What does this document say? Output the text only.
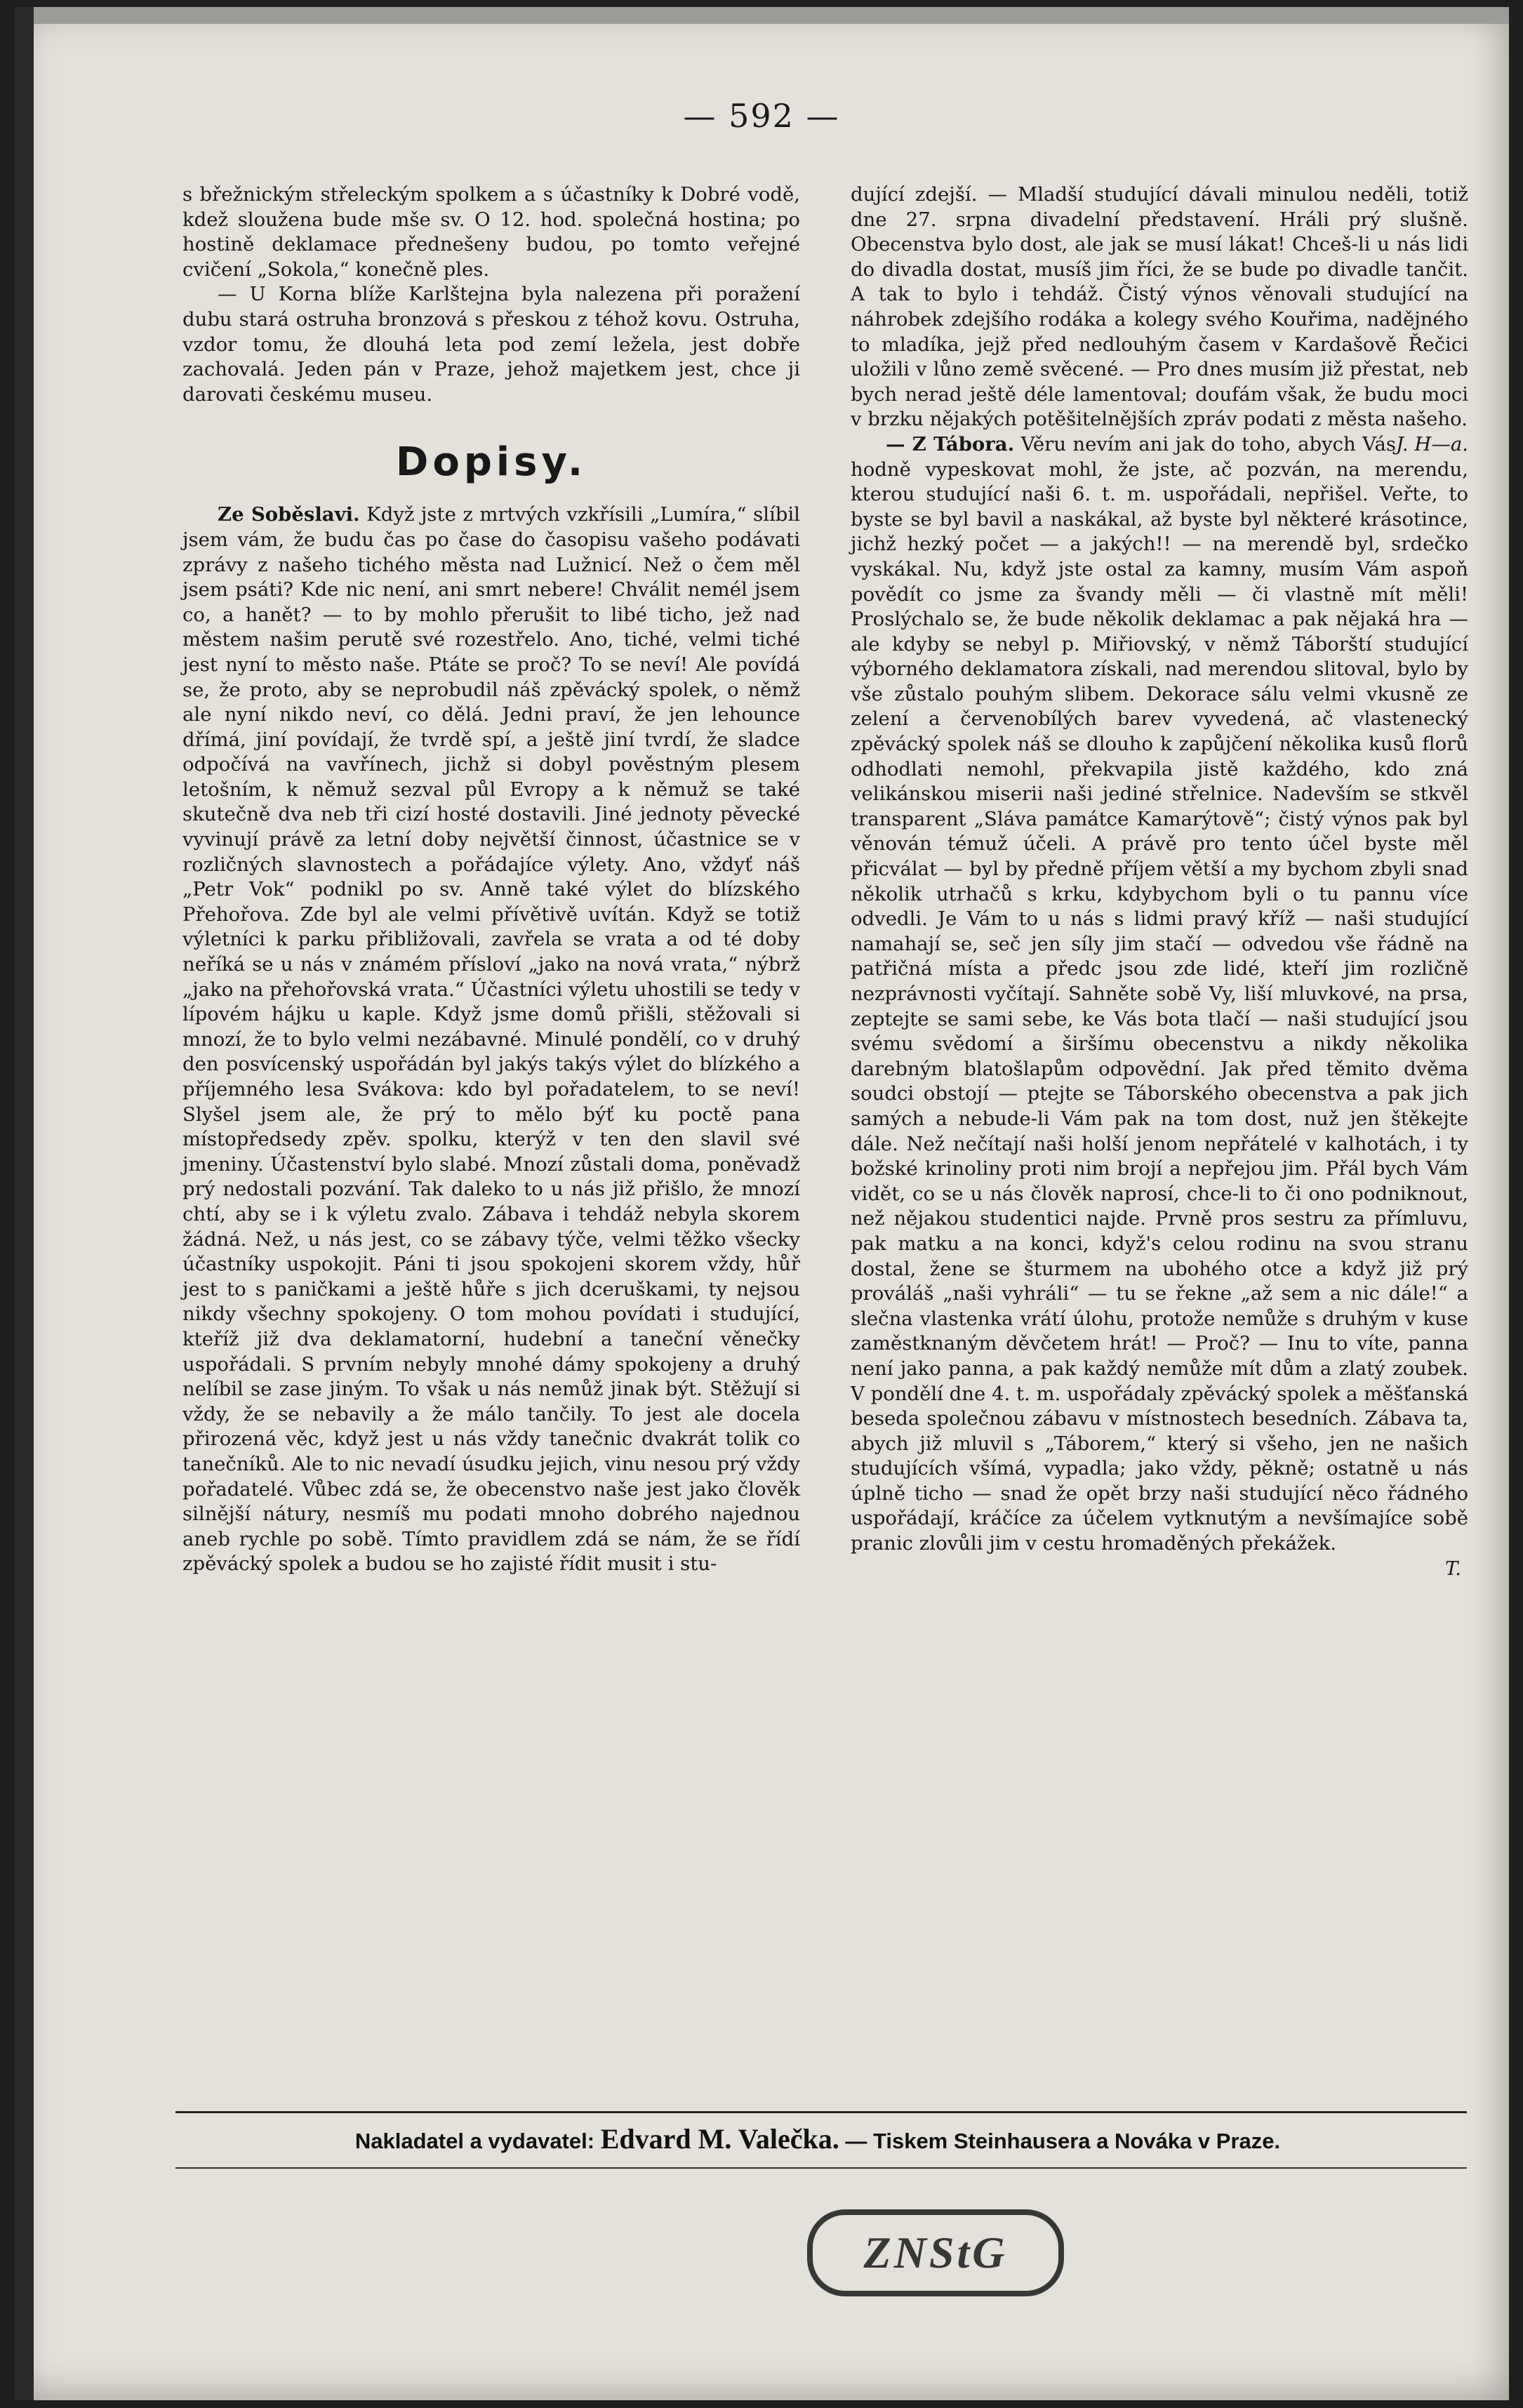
— 592 —

s břežnickým střeleckým spolkem a s účastníky k Dobré vodě, kdež sloužena bude mše sv. O 12. hod. společná hostina; po hostině deklamace přednešeny budou, po tomto veřejné cvičení „Sokola,“ konečně ples.

— U Korna blíže Karlštejna byla nalezena při poražení dubu stará ostruha bronzová s přeskou z téhož kovu. Ostruha, vzdor tomu, že dlouhá leta pod zemí ležela, jest dobře zachovalá. Jeden pán v Praze, jehož majetkem jest, chce ji darovati českému museu.

Dopisy.

Ze Soběslavi. Když jste z mrtvých vzkřísili „Lumíra,“ slíbil jsem vám, že budu čas po čase do časopisu vašeho podávati zprávy z našeho tichého města nad Lužnicí. Než o čem měl jsem psáti? Kde nic není, ani smrt nebere! Chválit nemél jsem co, a hanět? — to by mohlo přerušit to libé ticho, jež nad městem našim perutě své rozestřelo. Ano, tiché, velmi tiché jest nyní to město naše. Ptáte se proč? To se neví! Ale povídá se, že proto, aby se neprobudil náš zpěvácký spolek, o němž ale nyní nikdo neví, co dělá. Jedni praví, že jen lehounce dřímá, jiní povídají, že tvrdě spí, a ještě jiní tvrdí, že sladce odpočívá na vavřínech, jichž si dobyl pověstným plesem letošním, k němuž sezval půl Evropy a k němuž se také skutečně dva neb tři cizí hosté dostavili. Jiné jednoty pěvecké vyvinují právě za letní doby největší činnost, účastnice se v rozličných slavnostech a pořádajíce výlety. Ano, vždyť náš „Petr Vok“ podnikl po sv. Anně také výlet do blízského Přehořova. Zde byl ale velmi přívětivě uvítán. Když se totiž výletníci k parku přibližovali, zavřela se vrata a od té doby neříká se u nás v známém přísloví „jako na nová vrata,“ nýbrž „jako na přehořovská vrata.“ Účastníci výletu uhostili se tedy v lípovém hájku u kaple. Když jsme domů přišli, stěžovali si mnozí, že to bylo velmi nezábavné. Minulé pondělí, co v druhý den posvícenský uspořádán byl jakýs takýs výlet do blízkého a příjemného lesa Svákova: kdo byl pořadatelem, to se neví! Slyšel jsem ale, že prý to mělo býť ku poctě pana místopředsedy zpěv. spolku, kterýž v ten den slavil své jmeniny. Účastenství bylo slabé. Mnozí zůstali doma, poněvadž prý nedostali pozvání. Tak daleko to u nás již přišlo, že mnozí chtí, aby se i k výletu zvalo. Zábava i tehdáž nebyla skorem žádná. Než, u nás jest, co se zábavy týče, velmi těžko všecky účastníky uspokojit. Páni ti jsou spokojeni skorem vždy, hůř jest to s paničkami a ještě hůře s jich dceruškami, ty nejsou nikdy všechny spokojeny. O tom mohou povídati i studující, kteříž již dva deklamatorní, hudební a taneční věnečky uspořádali. S prvním nebyly mnohé dámy spokojeny a druhý nelíbil se zase jiným. To však u nás nemůž jinak být. Stěžují si vždy, že se nebavily a že málo tančily. To jest ale docela přirozená věc, když jest u nás vždy tanečnic dvakrát tolik co tanečníků. Ale to nic nevadí úsudku jejich, vinu nesou prý vždy pořadatelé. Vůbec zdá se, že obecenstvo naše jest jako člověk silnější nátury, nesmíš mu podati mnoho dobrého najednou aneb rychle po sobě. Tímto pravidlem zdá se nám, že se řídí zpěvácký spolek a budou se ho zajisté řídit musit i stu-

dující zdejší. — Mladší studující dávali minulou neděli, totiž dne 27. srpna divadelní představení. Hráli prý slušně. Obecenstva bylo dost, ale jak se musí lákat! Chceš-li u nás lidi do divadla dostat, musíš jim říci, že se bude po divadle tančit. A tak to bylo i tehdáž. Čistý výnos věnovali studující na náhrobek zdejšího rodáka a kolegy svého Kouřima, nadějného to mladíka, jejž před nedlouhým časem v Kardašově Řečici uložili v lůno země svěcené. — Pro dnes musím již přestat, neb bych nerad ještě déle lamentoval; doufám však, že budu moci v brzku nějakých potěšitelnějších zpráv podati z města našeho.
J. H—a.

— Z Tábora. Věru nevím ani jak do toho, abych Vás hodně vypeskovat mohl, že jste, ač pozván, na merendu, kterou studující naši 6. t. m. uspořádali, nepřišel. Veřte, to byste se byl bavil a naskákal, až byste byl některé krásotince, jichž hezký počet — a jakých!! — na merendě byl, srdečko vyskákal. Nu, když jste ostal za kamny, musím Vám aspoň povědít co jsme za švandy měli — či vlastně mít měli! Proslýchalo se, že bude několik deklamac a pak nějaká hra — ale kdyby se nebyl p. Miřiovský, v němž Táborští studující výborného deklamatora získali, nad merendou slitoval, bylo by vše zůstalo pouhým slibem. Dekorace sálu velmi vkusně ze zelení a červenobílých barev vyvedená, ač vlastenecký zpěvácký spolek náš se dlouho k zapůjčení několika kusů florů odhodlati nemohl, překvapila jistě každého, kdo zná velikánskou miserii naši jediné střelnice. Nadevším se stkvěl transparent „Sláva památce Kamarýtově“; čistý výnos pak byl věnován témuž účeli. A právě pro tento účel byste měl přicválat — byl by předně příjem větší a my bychom zbyli snad několik utrhačů s krku, kdybychom byli o tu pannu více odvedli. Je Vám to u nás s lidmi pravý kříž — naši studující namahají se, seč jen síly jim stačí — odvedou vše řádně na patřičná místa a předc jsou zde lidé, kteří jim rozličně nezprávnosti vyčítají. Sahněte sobě Vy, liší mluvkové, na prsa, zeptejte se sami sebe, ke Vás bota tlačí — naši studující jsou svému svědomí a širšímu obecenstvu a nikdy několika darebným blatošlapům odpovědní. Jak před těmito dvěma soudci obstojí — ptejte se Táborského obecenstva a pak jich samých a nebude-li Vám pak na tom dost, nuž jen štěkejte dále. Než nečítají naši holší jenom nepřátelé v kalhotách, i ty božské krinoliny proti nim brojí a nepřejou jim. Přál bych Vám vidět, co se u nás člověk naprosí, chce-li to či ono podniknout, než nějakou studentici najde. Prvně pros sestru za přímluvu, pak matku a na konci, když's celou rodinu na svou stranu dostal, žene se šturmem na ubohého otce a když již prý prováláš „naši vyhráli“ — tu se řekne „až sem a nic dále!“ a slečna vlastenka vrátí úlohu, protože nemůže s druhým v kuse zaměstknaným děvčetem hrát! — Proč? — Inu to víte, panna není jako panna, a pak každý nemůže mít dům a zlatý zoubek. V pondělí dne 4. t. m. uspořádaly zpěvácký spolek a měšťanská beseda společnou zábavu v místnostech besedních. Zábava ta, abych již mluvil s „Táborem,“ který si všeho, jen ne našich studujících všímá, vypadla; jako vždy, pěkně; ostatně u nás úplně ticho — snad že opět brzy naši studující něco řádného uspořádají, kráčíce za účelem vytknutým a nevšímajíce sobě pranic zlovůli jim v cestu hromaděných překážek.

T.
Nakladatel a vydavatel: Edvard M. Valečka. — Tiskem Steinhausera a Nováka v Praze.
ZNStG
